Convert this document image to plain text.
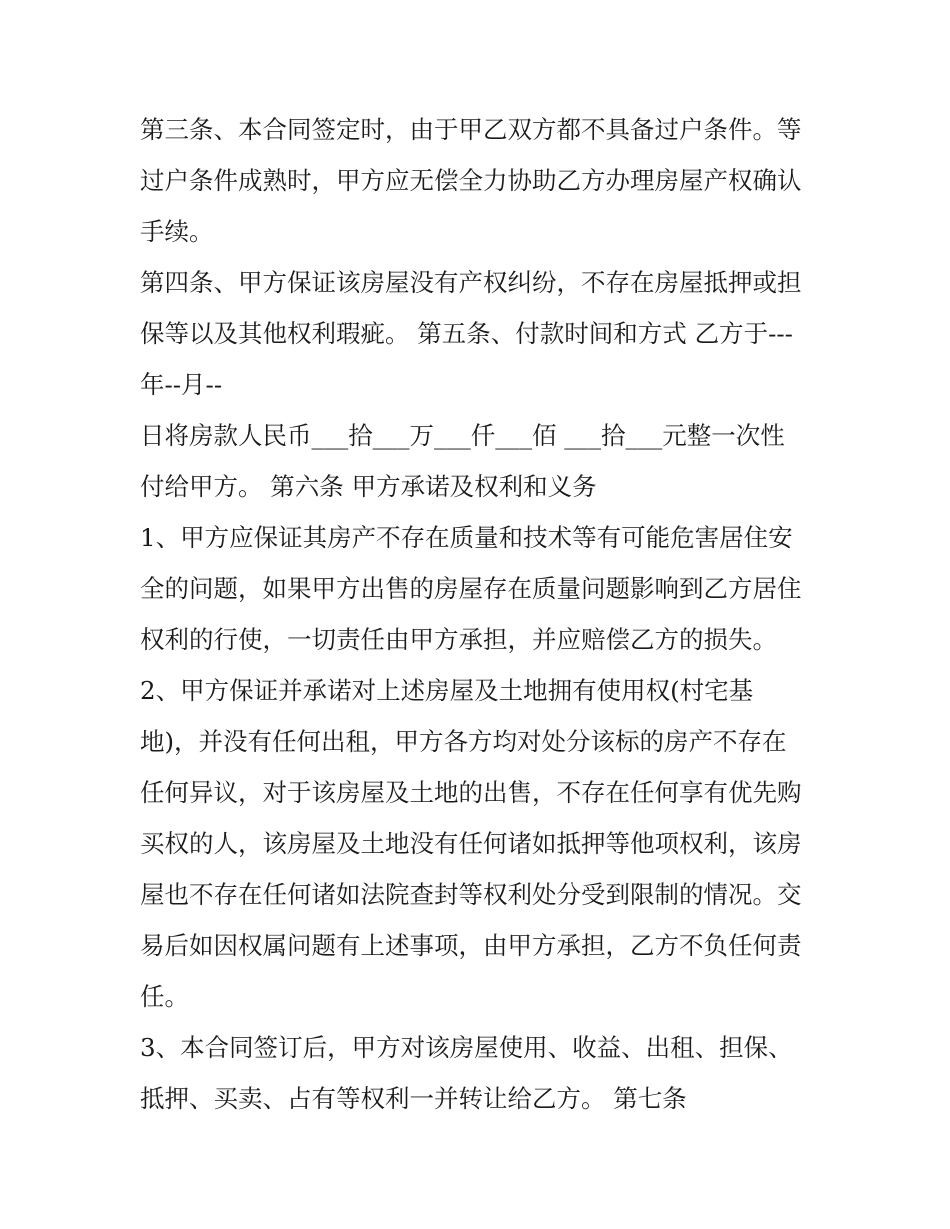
第三条、本合同签定时，由于甲乙双方都不具备过户条件。等
过户条件成熟时，甲方应无偿全力协助乙方办理房屋产权确认
手续。

第四条、甲方保证该房屋没有产权纠纷，不存在房屋抵押或担
保等以及其他权利瑕疵。 第五条、付款时间和方式 乙方于---
年--月--

日将房款人民币___拾___万___仟___佰 ___拾___元整一次性
付给甲方。 第六条 甲方承诺及权利和义务

1、甲方应保证其房产不存在质量和技术等有可能危害居住安
全的问题，如果甲方出售的房屋存在质量问题影响到乙方居住
权利的行使，一切责任由甲方承担，并应赔偿乙方的损失。

2、甲方保证并承诺对上述房屋及土地拥有使用权(村宅基
地)，并没有任何出租，甲方各方均对处分该标的房产不存在
任何异议，对于该房屋及土地的出售，不存在任何享有优先购
买权的人，该房屋及土地没有任何诸如抵押等他项权利，该房
屋也不存在任何诸如法院查封等权利处分受到限制的情况。交
易后如因权属问题有上述事项，由甲方承担，乙方不负任何责
任。

3、本合同签订后，甲方对该房屋使用、收益、出租、担保、
抵押、买卖、占有等权利一并转让给乙方。 第七条
